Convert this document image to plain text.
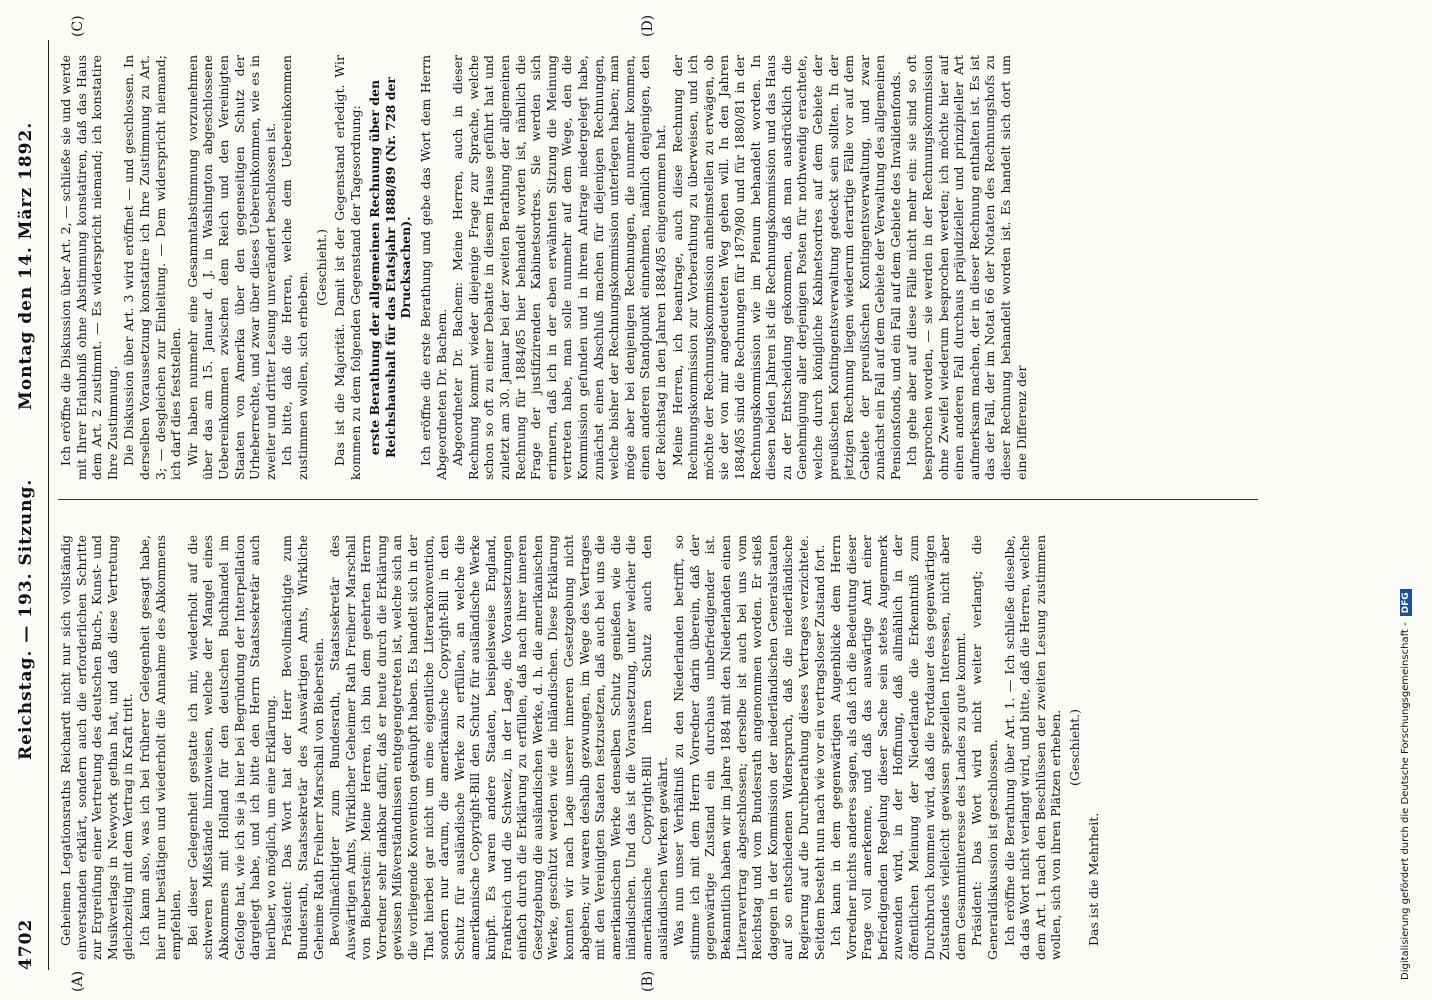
4702
Reichstag. — 193. Sitzung.
Montag den 14. März 1892.
(A)	(B)
(C)	(D)

Geheimen Legationsraths Reichardt nicht nur sich vollständig einverstanden erklärt, sondern auch die erforderlichen Schritte zur Ergreifung einer Vertretung des deutschen Buch-, Kunst- und Musikverlags in Newyork gethan hat, und daß diese Vertretung gleichzeitig mit dem Vertrag in Kraft tritt. Ich kann also, was ich bei früherer Gelegenheit gesagt habe, hier nur bestätigen und wiederholt die Annahme des Abkommens empfehlen. Bei dieser Gelegenheit gestatte ich mir, wiederholt auf die schweren Mißstände hinzuweisen, welche der Mangel eines Abkommens mit Holland für den deutschen Buchhandel im Gefolge hat, wie ich sie ja hier bei Begründung der Interpellation dargelegt habe, und ich bitte den Herrn Staatssekretär auch hierüber, wo möglich, um eine Erklärung. Präsident: Das Wort hat der Herr Bevollmächtigte zum Bundesrath, Staatssekretär des Auswärtigen Amts, Wirkliche Geheime Rath Freiherr Marschall von Bieberstein. Bevollmächtigter zum Bundesrath, Staatssekretär des Auswärtigen Amts, Wirklicher Geheimer Rath Freiherr Marschall von Bieberstein: Meine Herren, ich bin dem geehrten Herrn Vorredner sehr dankbar dafür, daß er heute durch die Erklärung gewissen Mißverständnissen entgegengetreten ist, welche sich an die vorliegende Konvention geknüpft haben. Es handelt sich in der That hierbei gar nicht um eine eigentliche Literarkonvention, sondern nur darum, die amerikanische Copyright-Bill in den Schutz für ausländische Werke zu erfüllen, an welche die amerikanische Copyright-Bill den Schutz für ausländische Werke knüpft. Es waren andere Staaten, beispielsweise England, Frankreich und die Schweiz, in der Lage, die Voraussetzungen einfach durch die Erklärung zu erfüllen, daß nach ihrer inneren Gesetzgebung die ausländischen Werke, d. h. die amerikanischen Werke, geschützt werden wie die inländischen. Diese Erklärung konnten wir nach Lage unserer inneren Gesetzgebung nicht abgeben; wir waren deshalb gezwungen, im Wege des Vertrages mit den Vereinigten Staaten festzusetzen, daß auch bei uns die amerikanischen Werke denselben Schutz genießen wie die inländischen. Und das ist die Voraussetzung, unter welcher die amerikanische Copyright-Bill ihren Schutz auch den ausländischen Werken gewährt. Was nun unser Verhältniß zu den Niederlanden betrifft, so stimme ich mit dem Herrn Vorredner darin überein, daß der gegenwärtige Zustand ein durchaus unbefriedigender ist. Bekanntlich haben wir im Jahre 1884 mit den Niederlanden einen Literarvertrag abgeschlossen; derselbe ist auch bei uns vom Reichstag und vom Bundesrath angenommen worden. Er stieß dagegen in der Kommission der niederländischen Generalstaaten auf so entschiedenen Widerspruch, daß die niederländische Regierung auf die Durchberathung dieses Vertrages verzichtete. Seitdem besteht nun nach wie vor ein vertragsloser Zustand fort. Ich kann in dem gegenwärtigen Augenblicke dem Herrn Vorredner nichts anderes sagen, als daß ich die Bedeutung dieser Frage voll anerkenne, und daß das auswärtige Amt einer befriedigenden Regelung dieser Sache sein stetes Augenmerk zuwenden wird, in der Hoffnung, daß allmählich in der öffentlichen Meinung der Niederlande die Erkenntniß zum Durchbruch kommen wird, daß die Fortdauer des gegenwärtigen Zustandes vielleicht gewissen speziellen Interessen, nicht aber dem Gesammtinteresse des Landes zu gute kommt. Präsident: Das Wort wird nicht weiter verlangt; die Generaldiskussion ist geschlossen. Ich eröffne die Berathung über Art. 1. — Ich schließe dieselbe, da das Wort nicht verlangt wird, und bitte, daß die Herren, welche dem Art. 1 nach den Beschlüssen der zweiten Lesung zustimmen wollen, sich von ihren Plätzen erheben. (Geschieht.)

Das ist die Mehrheit.

Ich eröffne die Diskussion über Art. 2, — schließe sie und werde mit Ihrer Erlaubniß ohne Abstimmung konstatiren, daß das Haus dem Art. 2 zustimmt. — Es widerspricht niemand; ich konstatire Ihre Zustimmung. Die Diskussion über Art. 3 wird eröffnet — und geschlossen. In derselben Voraussetzung konstatire ich Ihre Zustimmung zu Art. 3; — desgleichen zur Einleitung. — Dem widerspricht niemand; ich darf dies feststellen. Wir haben nunmehr eine Gesammtabstimmung vorzunehmen über das am 15. Januar d. J. in Washington abgeschlossene Uebereinkommen zwischen dem Reich und den Vereinigten Staaten von Amerika über den gegenseitigen Schutz der Urheberrechte, und zwar über dieses Uebereinkommen, wie es in zweiter und dritter Lesung unverändert beschlossen ist. Ich bitte, daß die Herren, welche dem Uebereinkommen zustimmen wollen, sich erheben.

(Geschieht.) Das ist die Majorität. Damit ist der Gegenstand erledigt. Wir kommen zu dem folgenden Gegenstand der Tagesordnung: erste Berathung der allgemeinen Rechnung über den Reichshaushalt für das Etatsjahr 1888/89 (Nr. 728 der Drucksachen). Ich eröffne die erste Berathung und gebe das Wort dem Herrn Abgeordneten Dr. Bachem. Abgeordneter Dr. Bachem: Meine Herren, auch in dieser Rechnung kommt wieder diejenige Frage zur Sprache, welche schon so oft zu einer Debatte in diesem Hause geführt hat und zuletzt am 30. Januar bei der zweiten Berathung der allgemeinen Rechnung für 1884/85 hier behandelt worden ist, nämlich die Frage der justifizirenden Kabinetsordres. Sie werden sich erinnern, daß ich in der eben erwähnten Sitzung die Meinung vertreten habe, man solle nunmehr auf dem Wege, den die Kommission gefunden und in ihrem Antrage niedergelegt habe, zunächst einen Abschluß machen für diejenigen Rechnungen, welche bisher der Rechnungskommission unterlegen haben; man möge aber bei denjenigen Rechnungen, die nunmehr kommen, einen anderen Standpunkt einnehmen, nämlich denjenigen, den der Reichstag in den Jahren 1884/85 eingenommen hat. Meine Herren, ich beantrage, auch diese Rechnung der Rechnungskommission zur Vorberathung zu überweisen, und ich möchte der Rechnungskommission anheimstellen zu erwägen, ob sie der von mir angedeuteten Weg gehen will. In den Jahren 1884/85 sind die Rechnungen für 1879/80 und für 1880/81 in der Rechnungskommission wie im Plenum behandelt worden. In diesen beiden Jahren ist die Rechnungskommission und das Haus zu der Entscheidung gekommen, daß man ausdrücklich die Genehmigung aller derjenigen Posten für nothwendig erachtete, welche durch königliche Kabinetsordres auf dem Gebiete der preußischen Kontingentsverwaltung gedeckt sein sollten. In der jetzigen Rechnung liegen wiederum derartige Fälle vor auf dem Gebiete der preußischen Kontingentsverwaltung, und zwar zunächst ein Fall auf dem Gebiete der Verwaltung des allgemeinen Pensionsfonds, und ein Fall auf dem Gebiete des Invalidenfonds. Ich gehe aber auf diese Fälle nicht mehr ein: sie sind so oft besprochen worden, — sie werden in der Rechnungskommission ohne Zweifel wiederum besprochen werden; ich möchte hier auf einen anderen Fall durchaus präjudizieller und prinzipieller Art aufmerksam machen, der in dieser Rechnung enthalten ist. Es ist das der Fall, der im Notat 66 der Notaten des Rechnungshofs zu dieser Rechnung behandelt worden ist. Es handelt sich dort um eine Differenz der

Digitalisierung gefördert durch die Deutsche Forschungsgemeinschaft -DFG
